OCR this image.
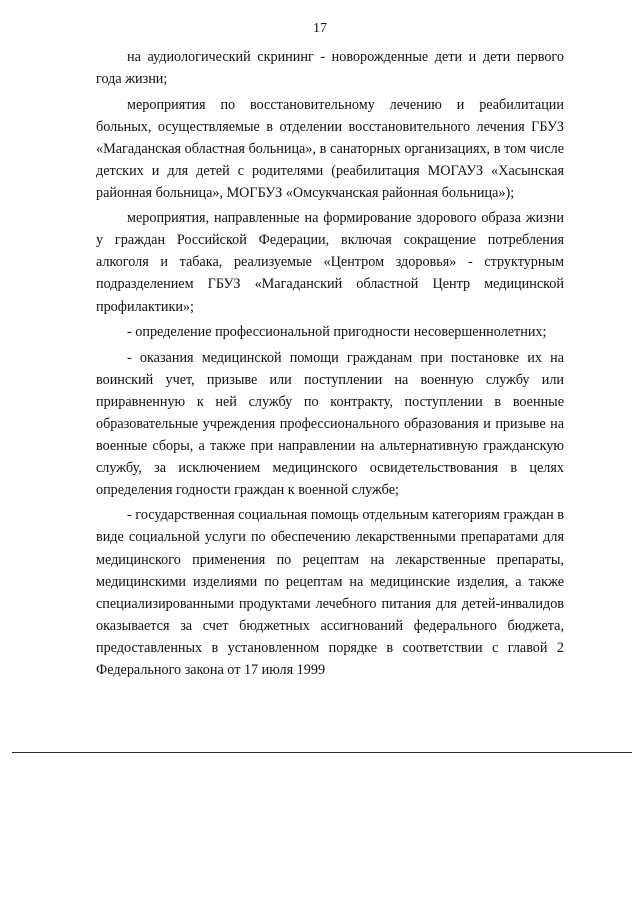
17

на аудиологический скрининг - новорожденные дети и дети первого года жизни;

мероприятия по восстановительному лечению и реабилитации больных, осуществляемые в отделении восстановительного лечения ГБУЗ «Магаданская областная больница», в санаторных организациях, в том числе детских и для детей с родителями (реабилитация МОГАУЗ «Хасынская районная больница», МОГБУЗ «Омсукчанская районная больница»);

мероприятия, направленные на формирование здорового образа жизни у граждан Российской Федерации, включая сокращение потребления алкоголя и табака, реализуемые «Центром здоровья» - структурным подразделением ГБУЗ «Магаданский областной Центр медицинской профилактики»;

- определение профессиональной пригодности несовершеннолетних;

- оказания медицинской помощи гражданам при постановке их на воинский учет, призыве или поступлении на военную службу или приравненную к ней службу по контракту, поступлении в военные образовательные учреждения профессионального образования и призыве на военные сборы, а также при направлении на альтернативную гражданскую службу, за исключением медицинского освидетельствования в целях определения годности граждан к военной службе;

- государственная социальная помощь отдельным категориям граждан в виде социальной услуги по обеспечению лекарственными препаратами для медицинского применения по рецептам на лекарственные препараты, медицинскими изделиями по рецептам на медицинские изделия, а также специализированными продуктами лечебного питания для детей-инвалидов оказывается за счет бюджетных ассигнований федерального бюджета, предоставленных в установленном порядке в соответствии с главой 2 Федерального закона от 17 июля 1999
